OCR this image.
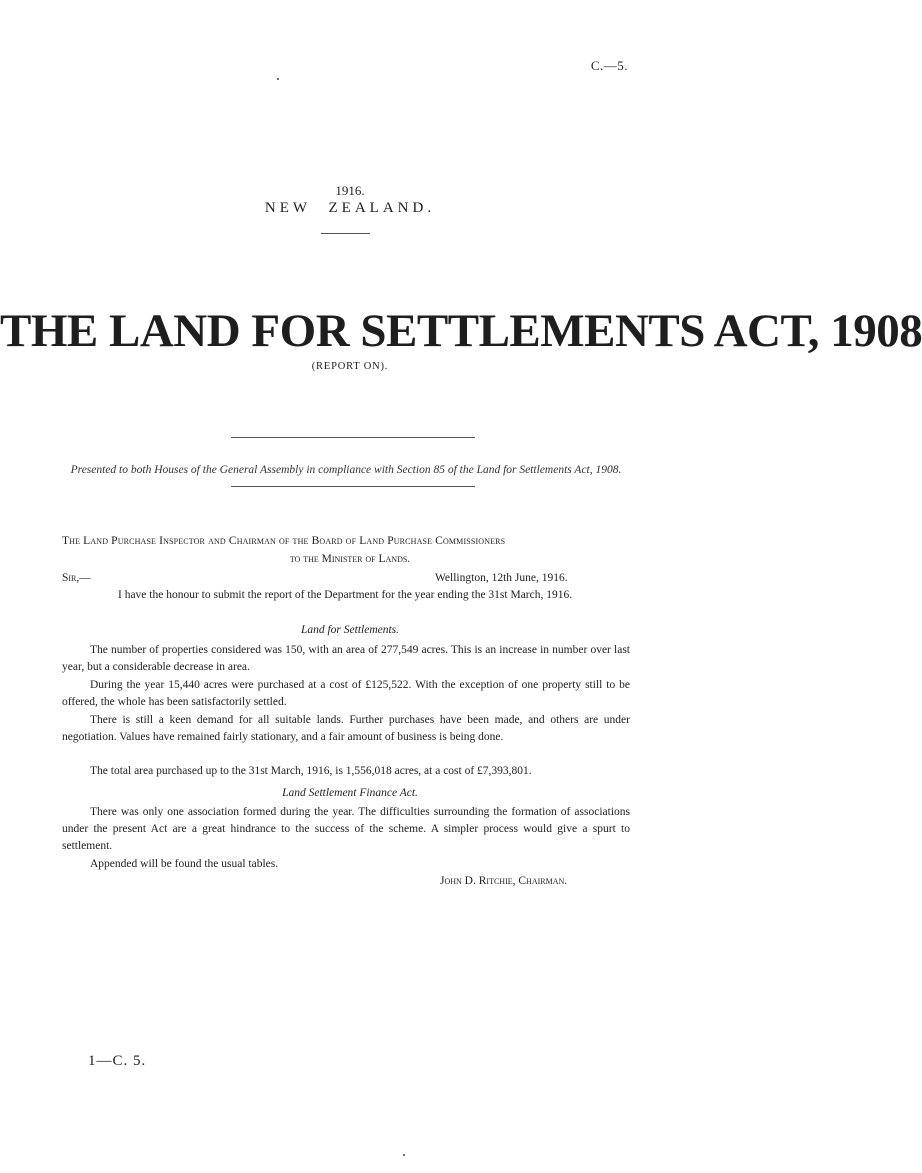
C.—5.
1916.
NEW ZEALAND.
THE LAND FOR SETTLEMENTS ACT, 1908
(REPORT ON).
Presented to both Houses of the General Assembly in compliance with Section 85 of the Land for Settlements Act, 1908.
The Land Purchase Inspector and Chairman of the Board of Land Purchase Commissioners
to the Minister of Lands.
Sir,—	Wellington, 12th June, 1916.
I have the honour to submit the report of the Department for the year ending the 31st March, 1916.
Land for Settlements.
The number of properties considered was 150, with an area of 277,549 acres. This is an increase in number over last year, but a considerable decrease in area.
During the year 15,440 acres were purchased at a cost of £125,522. With the exception of one property still to be offered, the whole has been satisfactorily settled.
There is still a keen demand for all suitable lands. Further purchases have been made, and others are under negotiation. Values have remained fairly stationary, and a fair amount of business is being done.
The total area purchased up to the 31st March, 1916, is 1,556,018 acres, at a cost of £7,393,801.
Land Settlement Finance Act.
There was only one association formed during the year. The difficulties surrounding the formation of associations under the present Act are a great hindrance to the success of the scheme. A simpler process would give a spurt to settlement.
Appended will be found the usual tables.
John D. Ritchie, Chairman.
1—C. 5.
